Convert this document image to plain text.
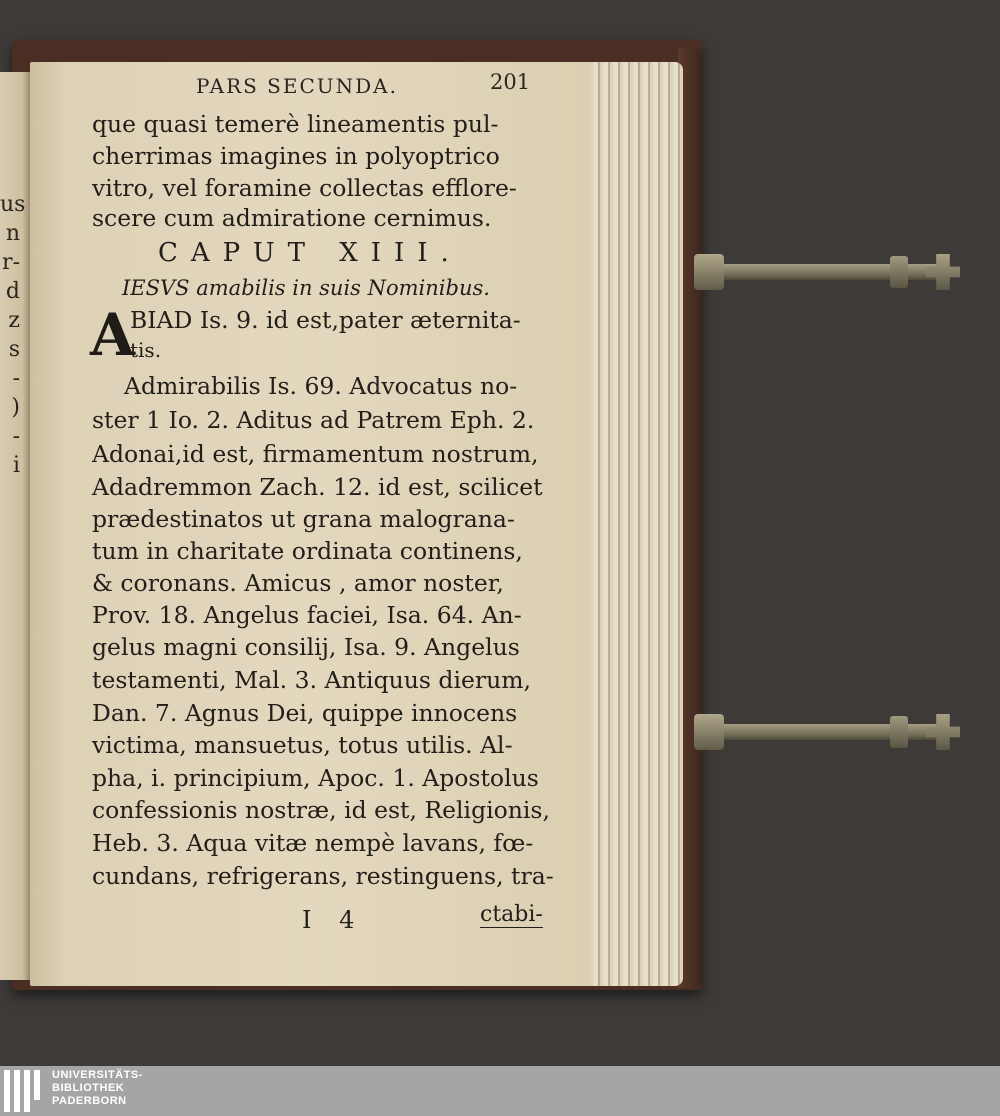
us
n
r-
d
z
s
-
)
-
i
PARS SECUNDA.	201
que quasi temerè lineamentis pul-
cherrimas imagines in polyoptrico
vitro, vel foramine collectas efflore-
scere cum admiratione cernimus.
CAPUT XIII.
IESVS amabilis in suis Nominibus.
A
BIAD Is. 9. id est,pater æternita-
tis.
Admirabilis Is. 69. Advocatus no-
ster 1 Io. 2. Aditus ad Patrem Eph. 2.
Adonai,id est, firmamentum nostrum,
Adadremmon Zach. 12. id est, scilicet
prædestinatos ut grana malograna-
tum in charitate ordinata continens,
& coronans. Amicus , amor noster,
Prov. 18. Angelus faciei, Isa. 64. An-
gelus magni consilij, Isa. 9. Angelus
testamenti, Mal. 3. Antiquus dierum,
Dan. 7. Agnus Dei, quippe innocens
victima, mansuetus, totus utilis. Al-
pha, i. principium, Apoc. 1. Apostolus
confessionis nostræ, id est, Religionis,
Heb. 3. Aqua vitæ nempè lavans, fœ-
cundans, refrigerans, restinguens, tra-
I 4	ctabi-
UNIVERSITÄTS-
BIBLIOTHEK
PADERBORN
